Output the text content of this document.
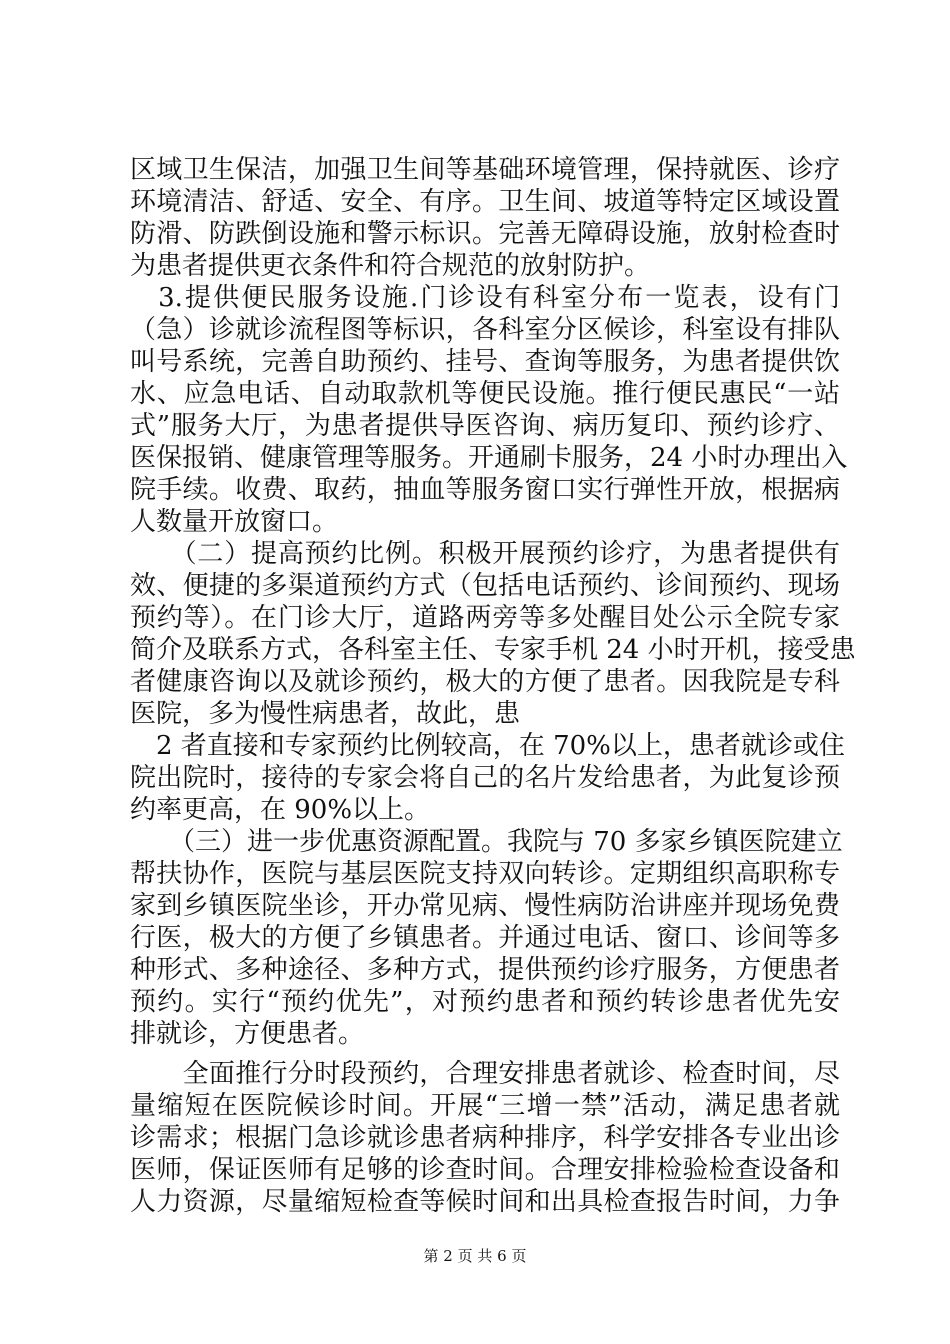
区域卫生保洁，加强卫生间等基础环境管理，保持就医、诊疗
环境清洁、舒适、安全、有序。卫生间、坡道等特定区域设置
防滑、防跌倒设施和警示标识。完善无障碍设施，放射检查时
为患者提供更衣条件和符合规范的放射防护。
　3.提供便民服务设施.门诊设有科室分布一览表，设有门
（急）诊就诊流程图等标识，各科室分区候诊，科室设有排队
叫号系统，完善自助预约、挂号、查询等服务，为患者提供饮
水、应急电话、自动取款机等便民设施。推行便民惠民“一站
式”服务大厅，为患者提供导医咨询、病历复印、预约诊疗、
医保报销、健康管理等服务。开通刷卡服务，24 小时办理出入
院手续。收费、取药，抽血等服务窗口实行弹性开放，根据病
人数量开放窗口。
　　（二）提高预约比例。积极开展预约诊疗，为患者提供有
效、便捷的多渠道预约方式（包括电话预约、诊间预约、现场
预约等）。在门诊大厅，道路两旁等多处醒目处公示全院专家
简介及联系方式，各科室主任、专家手机 24 小时开机，接受患
者健康咨询以及就诊预约，极大的方便了患者。因我院是专科
医院，多为慢性病患者，故此，患
　2 者直接和专家预约比例较高，在 70%以上，患者就诊或住
院出院时，接待的专家会将自己的名片发给患者，为此复诊预
约率更高，在 90%以上。
　　（三）进一步优惠资源配置。我院与 70 多家乡镇医院建立
帮扶协作，医院与基层医院支持双向转诊。定期组织高职称专
家到乡镇医院坐诊，开办常见病、慢性病防治讲座并现场免费
行医，极大的方便了乡镇患者。并通过电话、窗口、诊间等多
种形式、多种途径、多种方式，提供预约诊疗服务，方便患者
预约。实行“预约优先”，对预约患者和预约转诊患者优先安
排就诊，方便患者。
　　全面推行分时段预约，合理安排患者就诊、检查时间，尽
量缩短在医院候诊时间。开展“三增一禁”活动，满足患者就
诊需求；根据门急诊就诊患者病种排序，科学安排各专业出诊
医师，保证医师有足够的诊查时间。合理安排检验检查设备和
人力资源，尽量缩短检查等候时间和出具检查报告时间，力争
第 2 页 共 6 页
